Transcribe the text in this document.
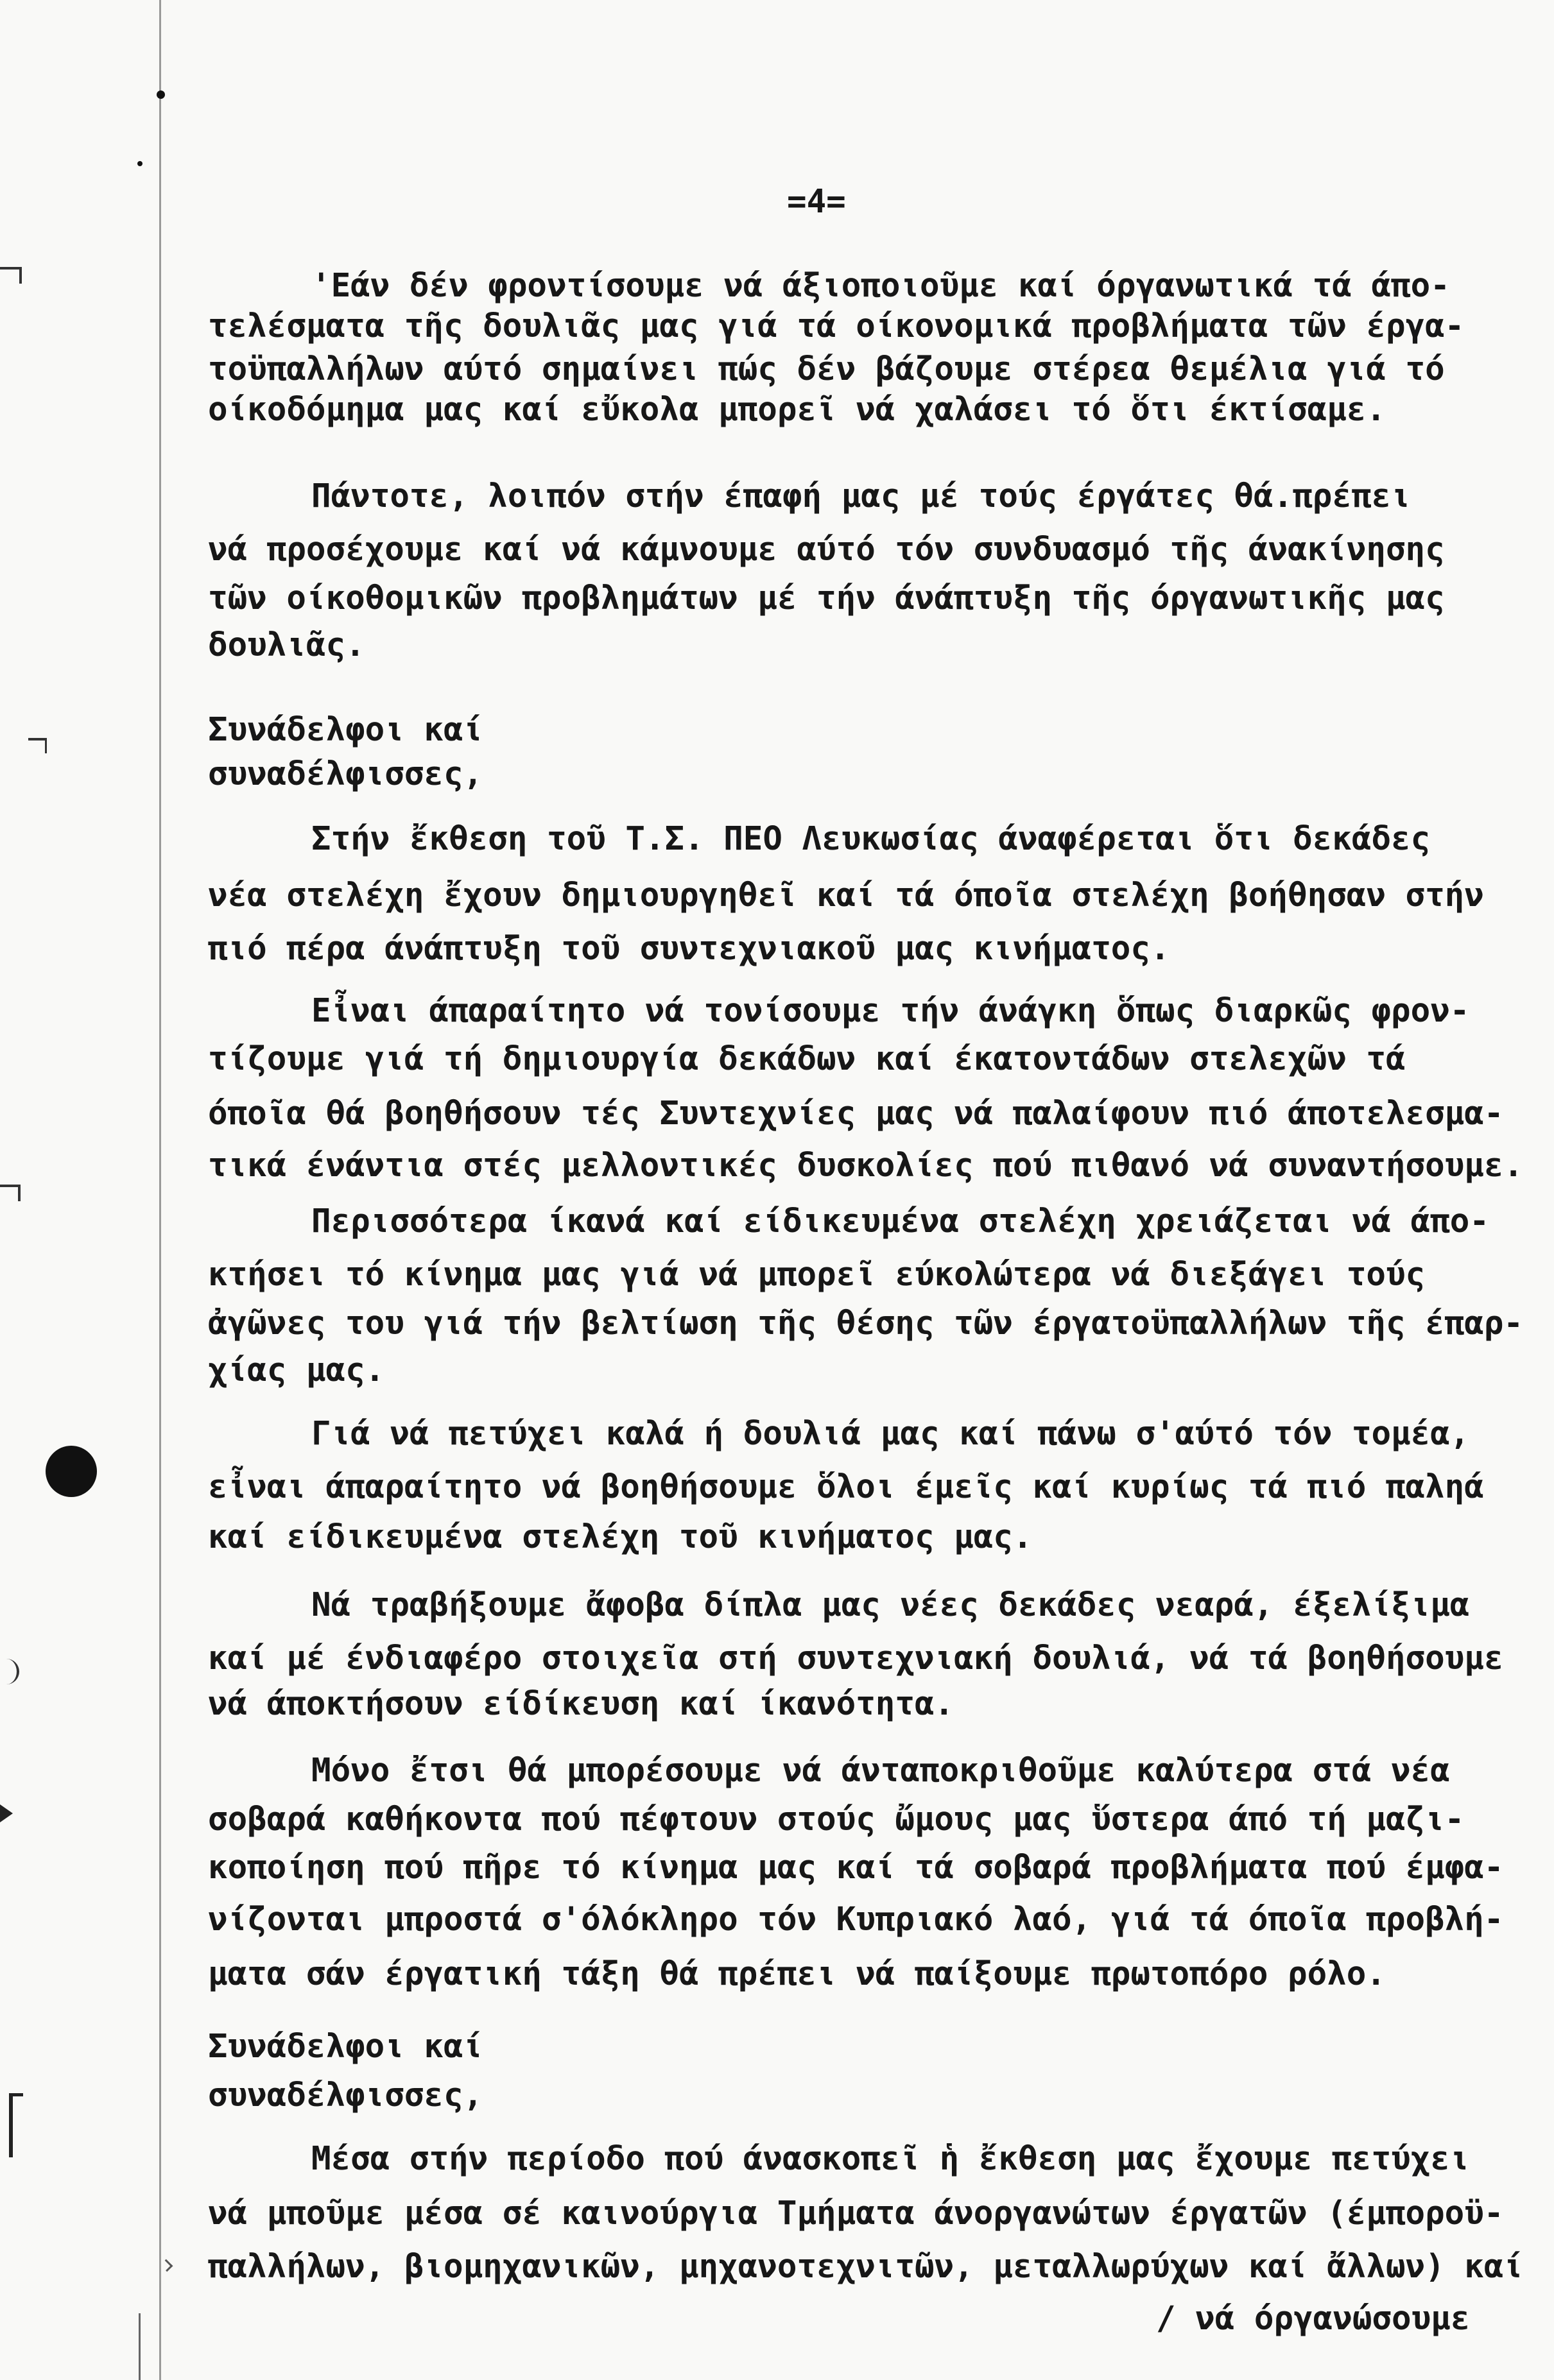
=4=
'Εάν δέν φροντίσουμε νά άξιοποιοῦμε καί όργανωτικά τά άπο-
τελέσματα τῆς δουλιᾶς μας γιά τά οίκονομικά προβλήματα τῶν έργα-
τοϋπαλλήλων αύτό σημαίνει πώς δέν βάζουμε στέρεα θεμέλια γιά τό
οίκοδόμημα μας καί εὔκολα μπορεῖ νά χαλάσει τό ὅτι έκτίσαμε.
Πάντοτε, λοιπόν στήν έπαφή μας μέ τούς έργάτες θά.πρέπει
νά προσέχουμε καί νά κάμνουμε αύτό τόν συνδυασμό τῆς άνακίνησης
τῶν οίκοθομικῶν προβλημάτων μέ τήν άνάπτυξη τῆς όργανωτικῆς μας
δουλιᾶς.
Συνάδελφοι καί
συναδέλφισσες,
Στήν ἔκθεση τοῦ Τ.Σ. ΠΕΟ Λευκωσίας άναφέρεται ὅτι δεκάδες
νέα στελέχη ἔχουν δημιουργηθεῖ καί τά όποῖα στελέχη βοήθησαν στήν
πιό πέρα άνάπτυξη τοῦ συντεχνιακοῦ μας κινήματος.
Εἶναι άπαραίτητο νά τονίσουμε τήν άνάγκη ὅπως διαρκῶς φρον-
τίζουμε γιά τή δημιουργία δεκάδων καί έκατοντάδων στελεχῶν τά
όποῖα θά βοηθήσουν τές Συντεχνίες μας νά παλαίφουν πιό άποτελεσμα-
τικά ένάντια στές μελλοντικές δυσκολίες πού πιθανό νά συναντήσουμε.
Περισσότερα ίκανά καί είδικευμένα στελέχη χρειάζεται νά άπο-
κτήσει τό κίνημα μας γιά νά μπορεῖ εύκολώτερα νά διεξάγει τούς
ἀγῶνες του γιά τήν βελτίωση τῆς θέσης τῶν έργατοϋπαλλήλων τῆς έπαρ-
χίας μας.
Γιά νά πετύχει καλά ή δουλιά μας καί πάνω σ'αύτό τόν τομέα,
εἶναι άπαραίτητο νά βοηθήσουμε ὅλοι έμεῖς καί κυρίως τά πιό παληά
καί είδικευμένα στελέχη τοῦ κινήματος μας.
Νά τραβήξουμε ἄφοβα δίπλα μας νέες δεκάδες νεαρά, έξελίξιμα
καί μέ ένδιαφέρο στοιχεῖα στή συντεχνιακή δουλιά, νά τά βοηθήσουμε
νά άποκτήσουν είδίκευση καί ίκανότητα.
Μόνο ἔτσι θά μπορέσουμε νά άνταποκριθοῦμε καλύτερα στά νέα
σοβαρά καθήκοντα πού πέφτουν στούς ὤμους μας ὕστερα άπό τή μαζι-
κοποίηση πού πῆρε τό κίνημα μας καί τά σοβαρά προβλήματα πού έμφα-
νίζονται μπροστά σ'όλόκληρο τόν Κυπριακό λαό, γιά τά όποῖα προβλή-
ματα σάν έργατική τάξη θά πρέπει νά παίξουμε πρωτοπόρο ρόλο.
Συνάδελφοι καί
συναδέλφισσες,
Μέσα στήν περίοδο πού άνασκοπεῖ ἡ ἔκθεση μας ἔχουμε πετύχει
νά μποῦμε μέσα σέ καινούργια Τμήματα άνοργανώτων έργατῶν (έμποροϋ-
παλλήλων, βιομηχανικῶν, μηχανοτεχνιτῶν, μεταλλωρύχων καί ἄλλων) καί
/ νά όργανώσουμε
